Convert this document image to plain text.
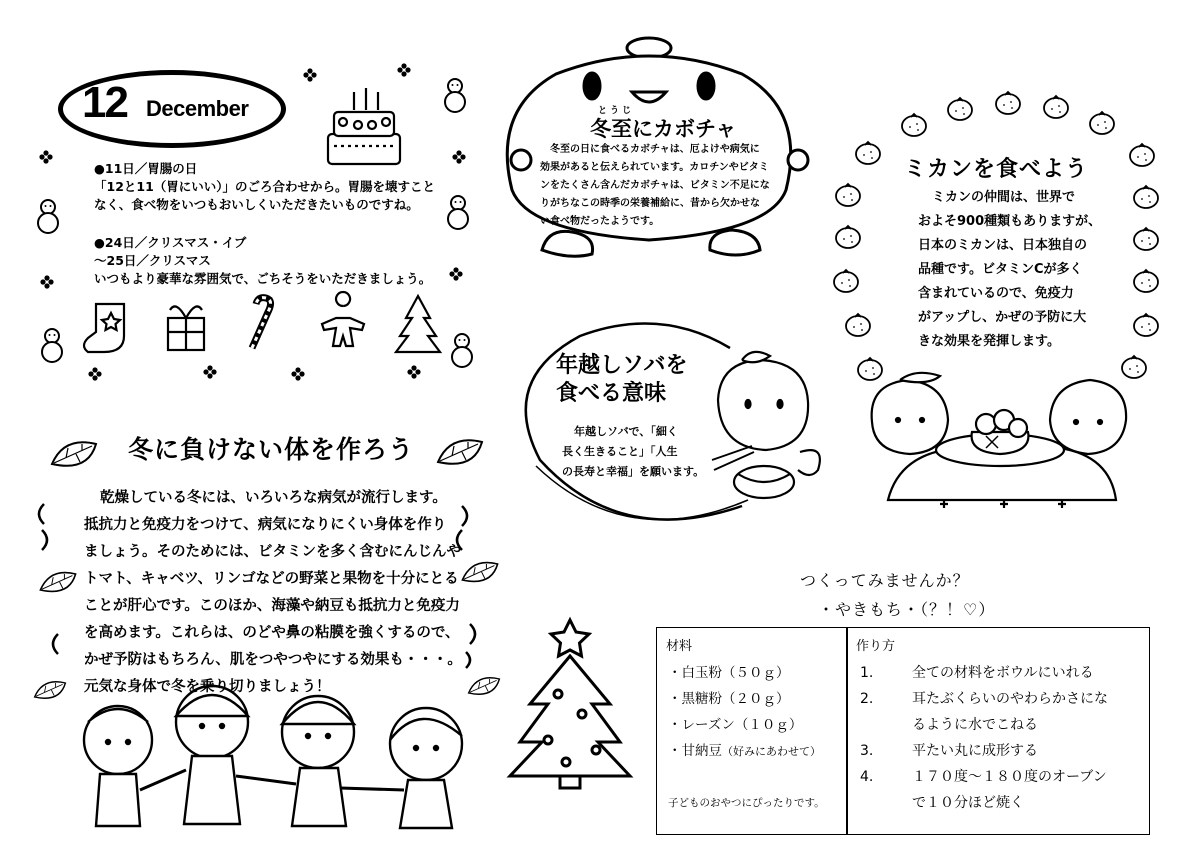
12 December
●11日／胃腸の日
「12と11（胃にいい）」のごろ合わせから。胃腸を壊すこと
なく、食べ物をいつもおいしくいただきたいものですね。
●24日／クリスマス・イブ
～25日／クリスマス
いつもより豪華な雰囲気で、ごちそうをいただきましょう。
とうじ
冬至にカボチャ
冬至の日に食べるカボチャは、厄よけや病気に
効果があると伝えられています。カロチンやビタミ
ンをたくさん含んだカボチャは、ビタミン不足にな
りがちなこの時季の栄養補給に、昔から欠かせな
い食べ物だったようです。
年越しソバを
食べる意味
年越しソバで、「細く
長く生きること」「人生
の長寿と幸福」を願います。
ミカンを食べよう
ミカンの仲間は、世界で
およそ900種類もありますが、
日本のミカンは、日本独自の
品種です。ビタミンCが多く
含まれているので、免疫力
がアップし、かぜの予防に大
きな効果を発揮します。
冬に負けない体を作ろう
乾燥している冬には、いろいろな病気が流行します。
抵抗力と免疫力をつけて、病気になりにくい身体を作り
ましょう。そのためには、ビタミンを多く含むにんじんや
トマト、キャベツ、リンゴなどの野菜と果物を十分にとる
ことが肝心です。このほか、海藻や納豆も抵抗力と免疫力
を高めます。これらは、のどや鼻の粘膜を強くするので、
かぜ予防はもちろん、肌をつやつやにする効果も・・・。
元気な身体で冬を乗り切りましょう！
つくってみませんか？
・やきもち・（？！♡）
材料
・白玉粉（５０ｇ）
・黒糖粉（２０ｇ）
・レーズン（１０ｇ）
・甘納豆（好みにあわせて）
子どものおやつにぴったりです。
作り方
1.	全ての材料をボウルにいれる
2.	耳たぶくらいのやわらかさにな
るように水でこねる
3.	平たい丸に成形する
4.	１７０度～１８０度のオーブン
で１０分ほど焼く
